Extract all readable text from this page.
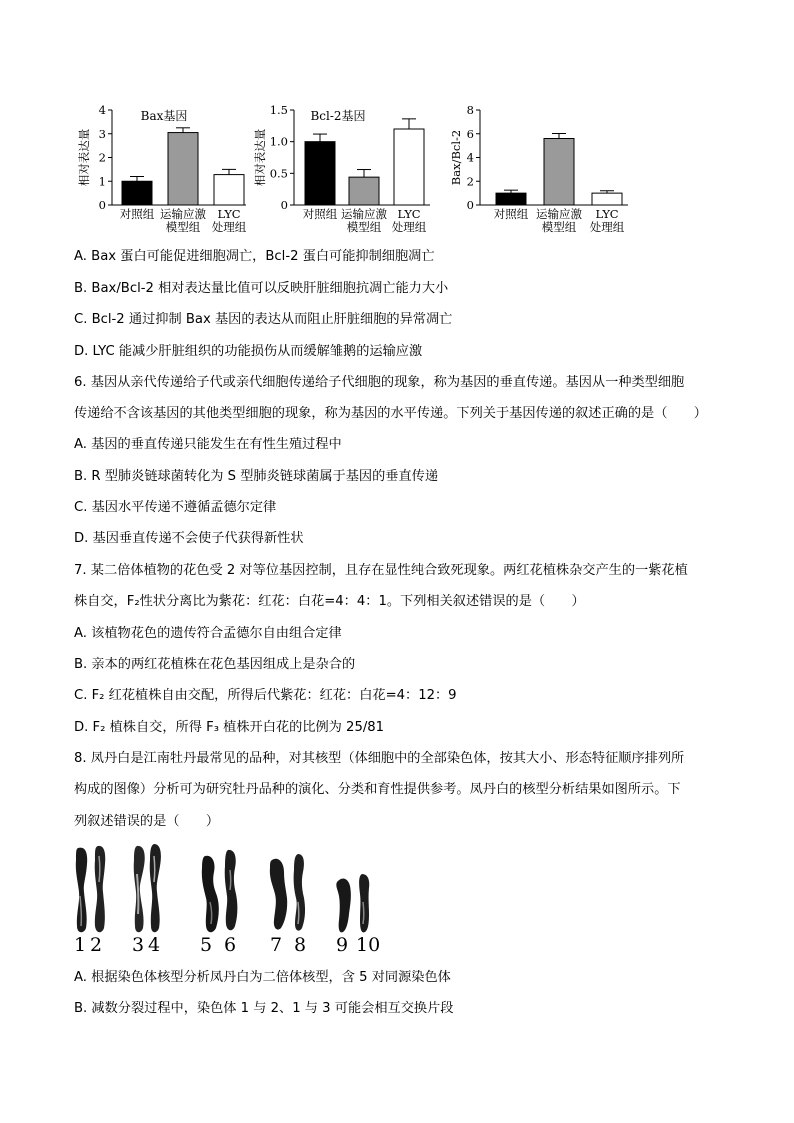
相对表达量
0
1
2
3
4	Bax基因
对照组 运输应激
模型组
LYC
处理组
相对表达量
0
0.5
1.0
1.5 Bcl-2基因
对照组 运输应激
模型组
LYC
处理组
Bax/Bcl-2
0
2
4
6
8
对照组 运输应激
模型组
LYC
处理组
A. Bax 蛋白可能促进细胞凋亡，Bcl-2 蛋白可能抑制细胞凋亡
B. Bax/Bcl-2 相对表达量比值可以反映肝脏细胞抗凋亡能力大小
C. Bcl-2 通过抑制 Bax 基因的表达从而阻止肝脏细胞的异常凋亡
D. LYC 能减少肝脏组织的功能损伤从而缓解雏鹅的运输应激
6. 基因从亲代传递给子代或亲代细胞传递给子代细胞的现象，称为基因的垂直传递。基因从一种类型细胞
传递给不含该基因的其他类型细胞的现象，称为基因的水平传递。下列关于基因传递的叙述正确的是（　　）
A. 基因的垂直传递只能发生在有性生殖过程中
B. R 型肺炎链球菌转化为 S 型肺炎链球菌属于基因的垂直传递
C. 基因水平传递不遵循孟德尔定律
D. 基因垂直传递不会使子代获得新性状
7. 某二倍体植物的花色受 2 对等位基因控制，且存在显性纯合致死现象。两红花植株杂交产生的一紫花植
株自交，F₂性状分离比为紫花：红花：白花=4：4：1。下列相关叙述错误的是（　　）
A. 该植物花色的遗传符合孟德尔自由组合定律
B. 亲本的两红花植株在花色基因组成上是杂合的
C. F₂ 红花植株自由交配，所得后代紫花：红花：白花=4：12：9
D. F₂ 植株自交，所得 F₃ 植株开白花的比例为 25/81
8. 凤丹白是江南牡丹最常见的品种，对其核型（体细胞中的全部染色体，按其大小、形态特征顺序排列所
构成的图像）分析可为研究牡丹品种的演化、分类和育性提供参考。凤丹白的核型分析结果如图所示。下
列叙述错误的是（　　）
1 2 3 4 5 6 7 8 9 10
A. 根据染色体核型分析凤丹白为二倍体核型，含 5 对同源染色体
B. 减数分裂过程中，染色体 1 与 2、1 与 3 可能会相互交换片段
